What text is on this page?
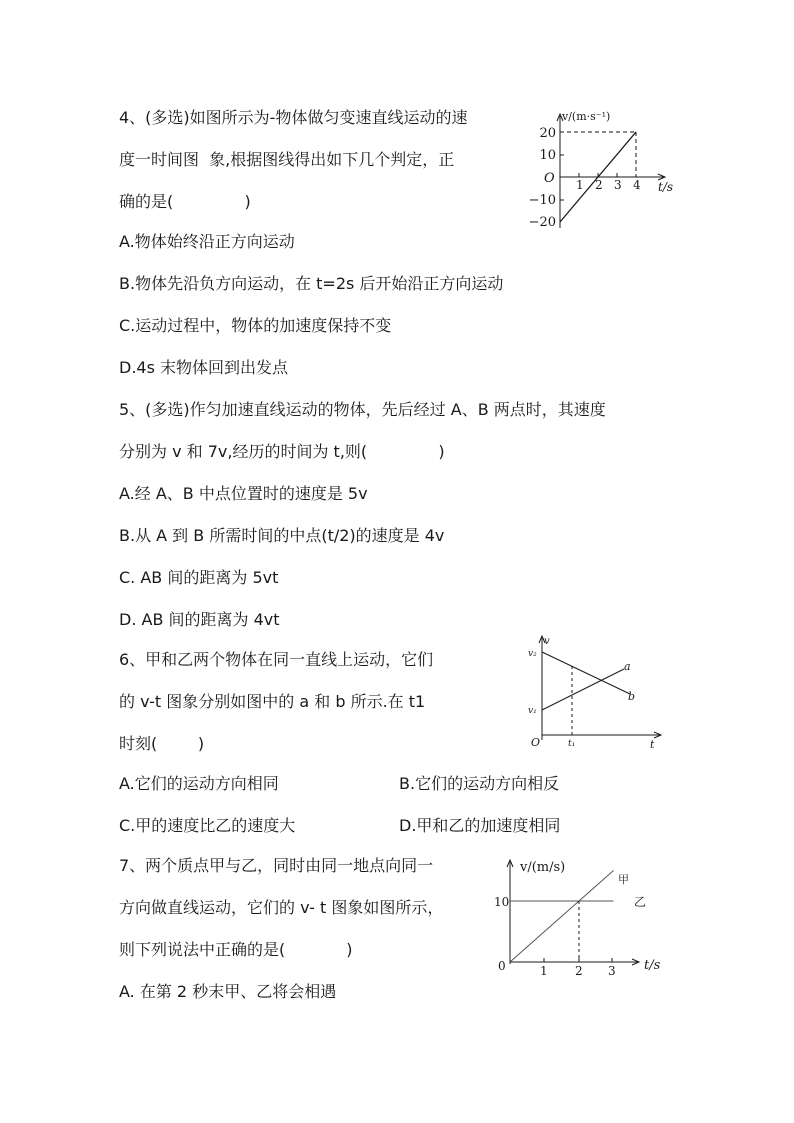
4、(多选)如图所示为-物体做匀变速直线运动的速
度一时间图  象,根据图线得出如下几个判定，正
确的是(              )
A.物体始终沿正方向运动
B.物体先沿负方向运动，在 t=2s 后开始沿正方向运动
C.运动过程中，物体的加速度保持不变
D.4s 末物体回到出发点
5、(多选)作匀加速直线运动的物体，先后经过 A、B 两点时，其速度
分别为 v 和 7v,经历的时间为 t,则(              )
A.经 A、B 中点位置时的速度是 5v
B.从 A 到 B 所需时间的中点(t/2)的速度是 4v
C. AB 间的距离为 5vt
D. AB 间的距离为 4vt
6、甲和乙两个物体在同一直线上运动，它们
的 v-t 图象分别如图中的 a 和 b 所示.在 t1
时刻(        )
A.它们的运动方向相同	B.它们的运动方向相反
C.甲的速度比乙的速度大	D.甲和乙的加速度相同
7、两个质点甲与乙，同时由同一地点向同一
方向做直线运动，它们的 v- t 图象如图所示，
则下列说法中正确的是(            )
A. 在第 2 秒末甲、乙将会相遇
v/(m·s⁻¹)
t/s
O
20
10
−10
−20
1 2 3 4
v
t
O
v₂
v₁
t₁
a
b
v/(m/s)
t/s
0
10
1 2 3
甲
乙
